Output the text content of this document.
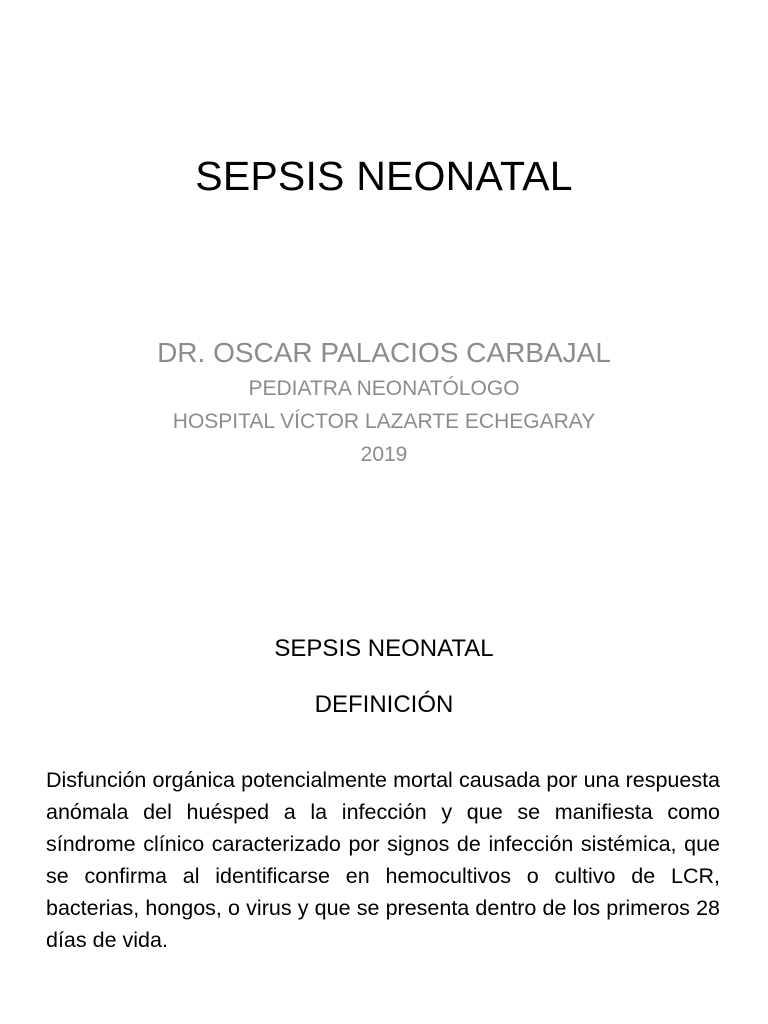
SEPSIS NEONATAL
DR. OSCAR PALACIOS CARBAJAL
PEDIATRA NEONATÓLOGO
HOSPITAL VÍCTOR LAZARTE ECHEGARAY
2019
SEPSIS NEONATAL
DEFINICIÓN
Disfunción orgánica potencialmente mortal causada por una respuesta anómala del huésped a la infección y que se manifiesta como síndrome clínico caracterizado por signos de infección sistémica, que se confirma al identificarse en hemocultivos o cultivo de LCR, bacterias, hongos, o virus y que se presenta dentro de los primeros 28 días de vida.
